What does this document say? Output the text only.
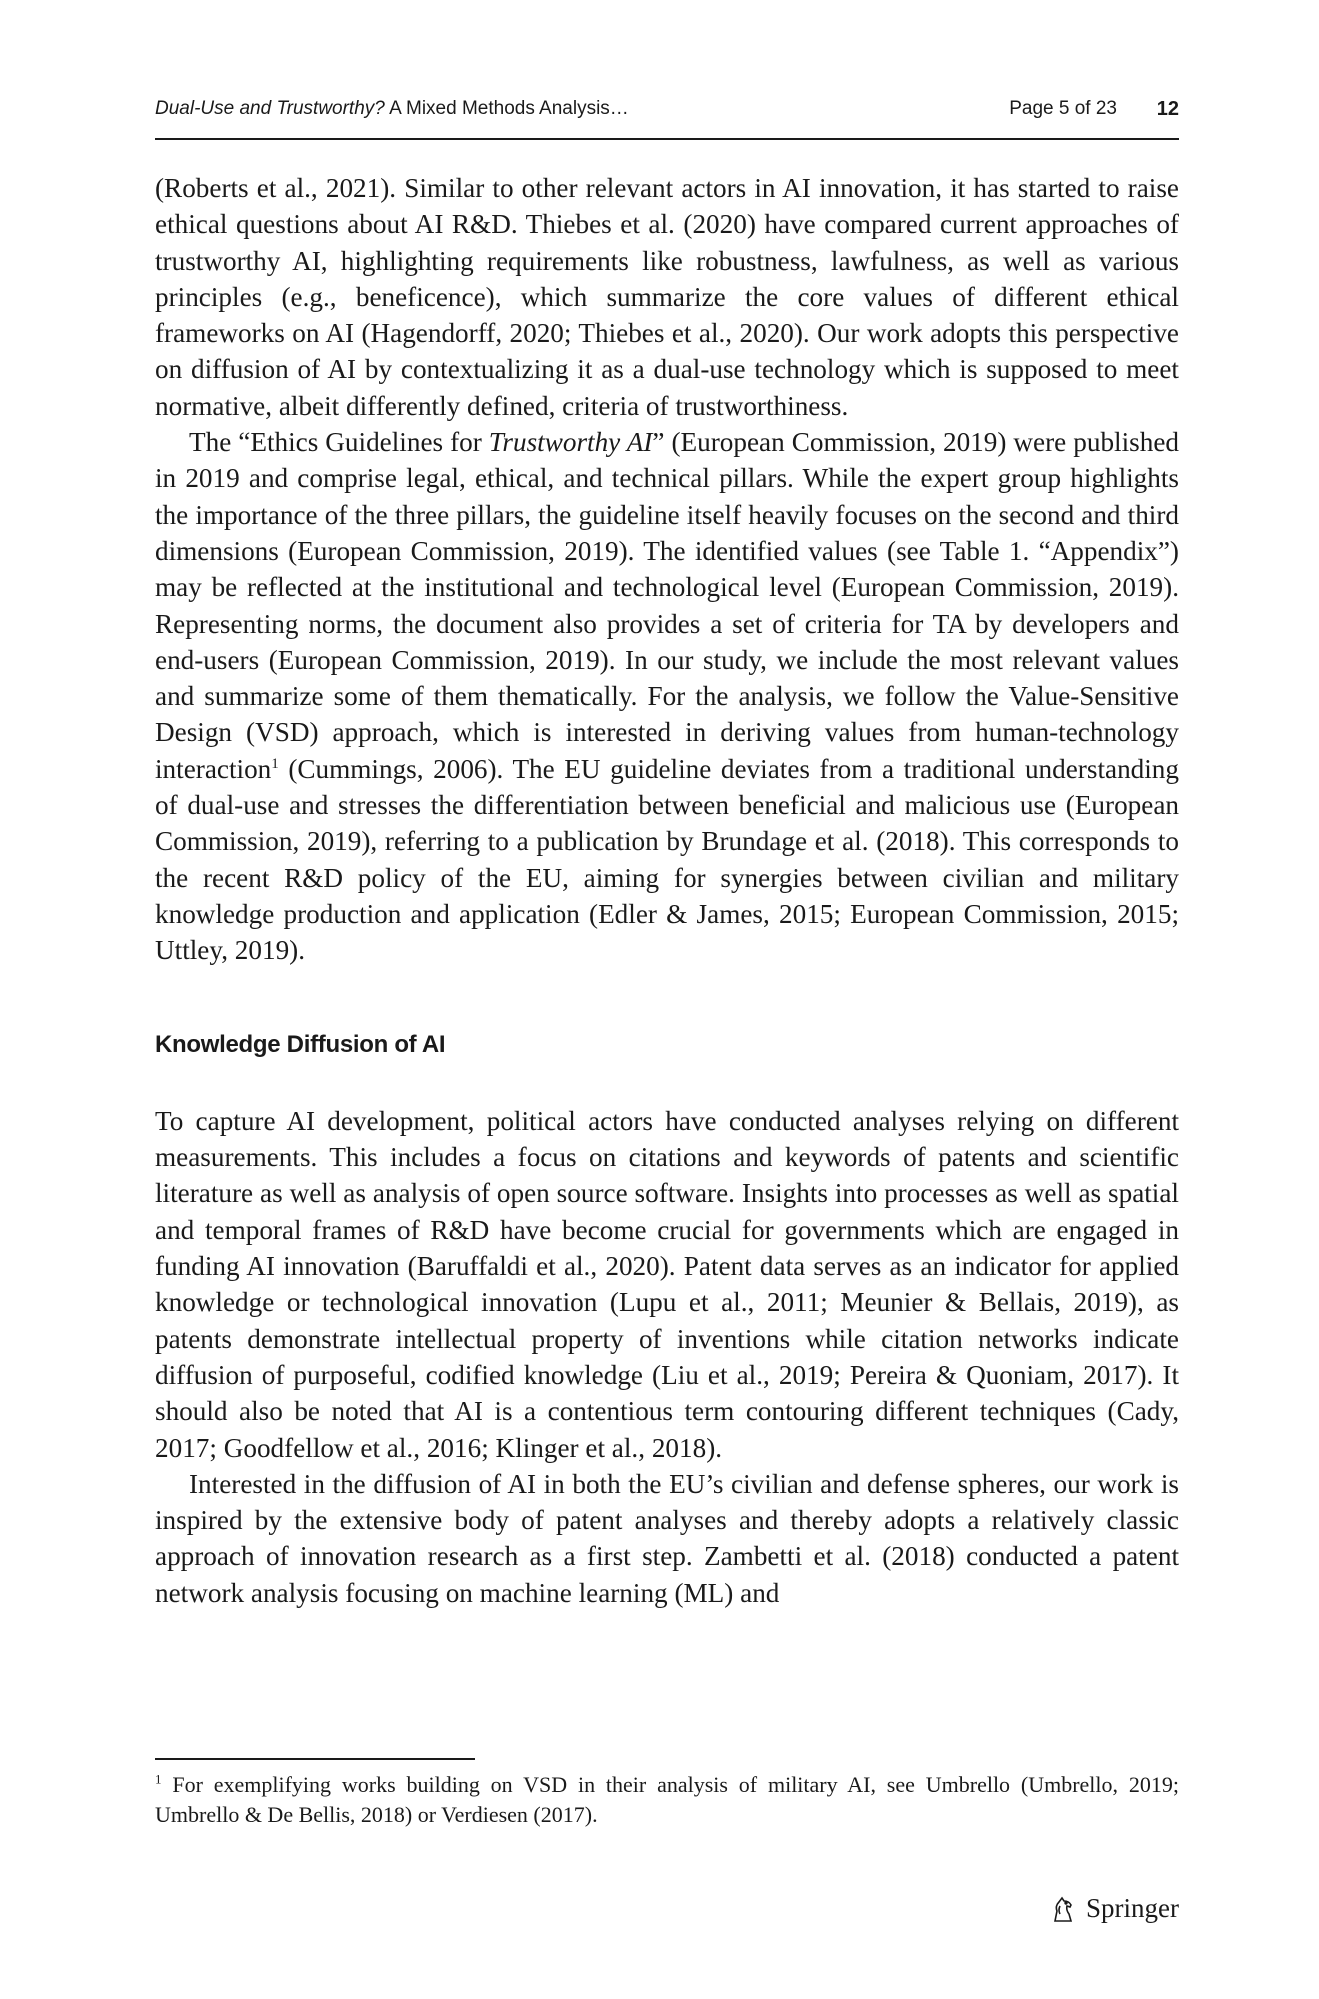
Dual-Use and Trustworthy? A Mixed Methods Analysis…	Page 5 of 23 12

(Roberts et al., 2021). Similar to other relevant actors in AI innovation, it has started to raise ethical questions about AI R&D. Thiebes et al. (2020) have compared current approaches of trustworthy AI, highlighting requirements like robustness, lawfulness, as well as various principles (e.g., beneficence), which summarize the core values of different ethical frameworks on AI (Hagendorff, 2020; Thiebes et al., 2020). Our work adopts this perspective on diffusion of AI by contextualizing it as a dual-use technology which is supposed to meet normative, albeit differently defined, criteria of trustworthiness.

The “Ethics Guidelines for Trustworthy AI” (European Commission, 2019) were published in 2019 and comprise legal, ethical, and technical pillars. While the expert group highlights the importance of the three pillars, the guideline itself heavily focuses on the second and third dimensions (European Commission, 2019). The identified values (see Table 1. “Appendix”) may be reflected at the institutional and technological level (European Commission, 2019). Representing norms, the document also provides a set of criteria for TA by developers and end-users (European Commission, 2019). In our study, we include the most relevant values and summarize some of them thematically. For the analysis, we follow the Value-Sensitive Design (VSD) approach, which is interested in deriving values from human-technology interaction$^1$ (Cummings, 2006). The EU guideline deviates from a traditional understanding of dual-use and stresses the differentiation between beneficial and malicious use (European Commission, 2019), referring to a publication by Brundage et al. (2018). This corresponds to the recent R&D policy of the EU, aiming for synergies between civilian and military knowledge production and application (Edler & James, 2015; European Commission, 2015; Uttley, 2019).

Knowledge Diffusion of AI

To capture AI development, political actors have conducted analyses relying on different measurements. This includes a focus on citations and keywords of patents and scientific literature as well as analysis of open source software. Insights into processes as well as spatial and temporal frames of R&D have become crucial for governments which are engaged in funding AI innovation (Baruffaldi et al., 2020). Patent data serves as an indicator for applied knowledge or technological innovation (Lupu et al., 2011; Meunier & Bellais, 2019), as patents demonstrate intellectual property of inventions while citation networks indicate diffusion of purposeful, codified knowledge (Liu et al., 2019; Pereira & Quoniam, 2017). It should also be noted that AI is a contentious term contouring different techniques (Cady, 2017; Goodfellow et al., 2016; Klinger et al., 2018).

Interested in the diffusion of AI in both the EU’s civilian and defense spheres, our work is inspired by the extensive body of patent analyses and thereby adopts a relatively classic approach of innovation research as a first step. Zambetti et al. (2018) conducted a patent network analysis focusing on machine learning (ML) and

$^1$ For exemplifying works building on VSD in their analysis of military AI, see Umbrello (Umbrello, 2019; Umbrello & De Bellis, 2018) or Verdiesen (2017).
Springer
